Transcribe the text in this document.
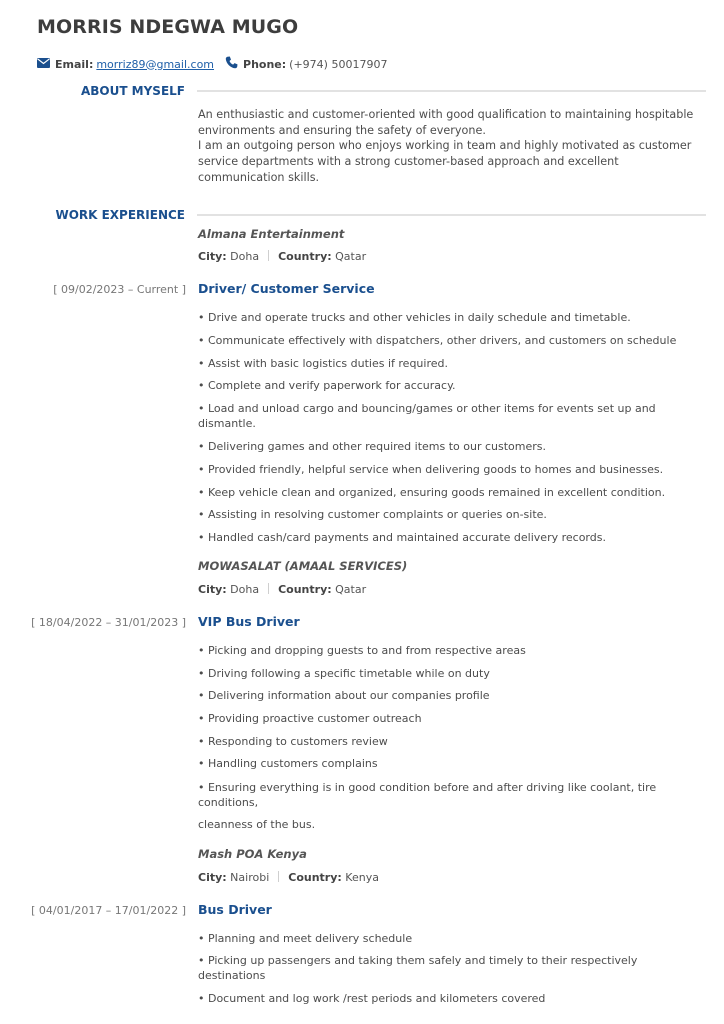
MORRIS NDEGWA MUGO
Email: morriz89@gmail.com	Phone: (+974) 50017907
ABOUT MYSELF
An enthusiastic and customer-oriented with good qualification to maintaining hospitable environments and ensuring the safety of everyone.
I am an outgoing person who enjoys working in team and highly motivated as customer service departments with a strong customer-based approach and excellent communication skills.
WORK EXPERIENCE
Almana Entertainment
City: Doha Country: Qatar
[ 09/02/2023 – Current ] Driver/ Customer Service
• Drive and operate trucks and other vehicles in daily schedule and timetable.
• Communicate effectively with dispatchers, other drivers, and customers on schedule
• Assist with basic logistics duties if required.
• Complete and verify paperwork for accuracy.
• Load and unload cargo and bouncing/games or other items for events set up and dismantle.
• Delivering games and other required items to our customers.
• Provided friendly, helpful service when delivering goods to homes and businesses.
• Keep vehicle clean and organized, ensuring goods remained in excellent condition.
• Assisting in resolving customer complaints or queries on-site.
• Handled cash/card payments and maintained accurate delivery records.
MOWASALAT (AMAAL SERVICES)
City: Doha Country: Qatar
[ 18/04/2022 – 31/01/2023 ] VIP Bus Driver
• Picking and dropping guests to and from respective areas
• Driving following a specific timetable while on duty
• Delivering information about our companies profile
• Providing proactive customer outreach
• Responding to customers review
• Handling customers complains
• Ensuring everything is in good condition before and after driving like coolant, tire conditions,
cleanness of the bus.
Mash POA Kenya
City: Nairobi Country: Kenya
[ 04/01/2017 – 17/01/2022 ] Bus Driver
• Planning and meet delivery schedule
• Picking up passengers and taking them safely and timely to their respectively destinations
• Document and log work /rest periods and kilometers covered
